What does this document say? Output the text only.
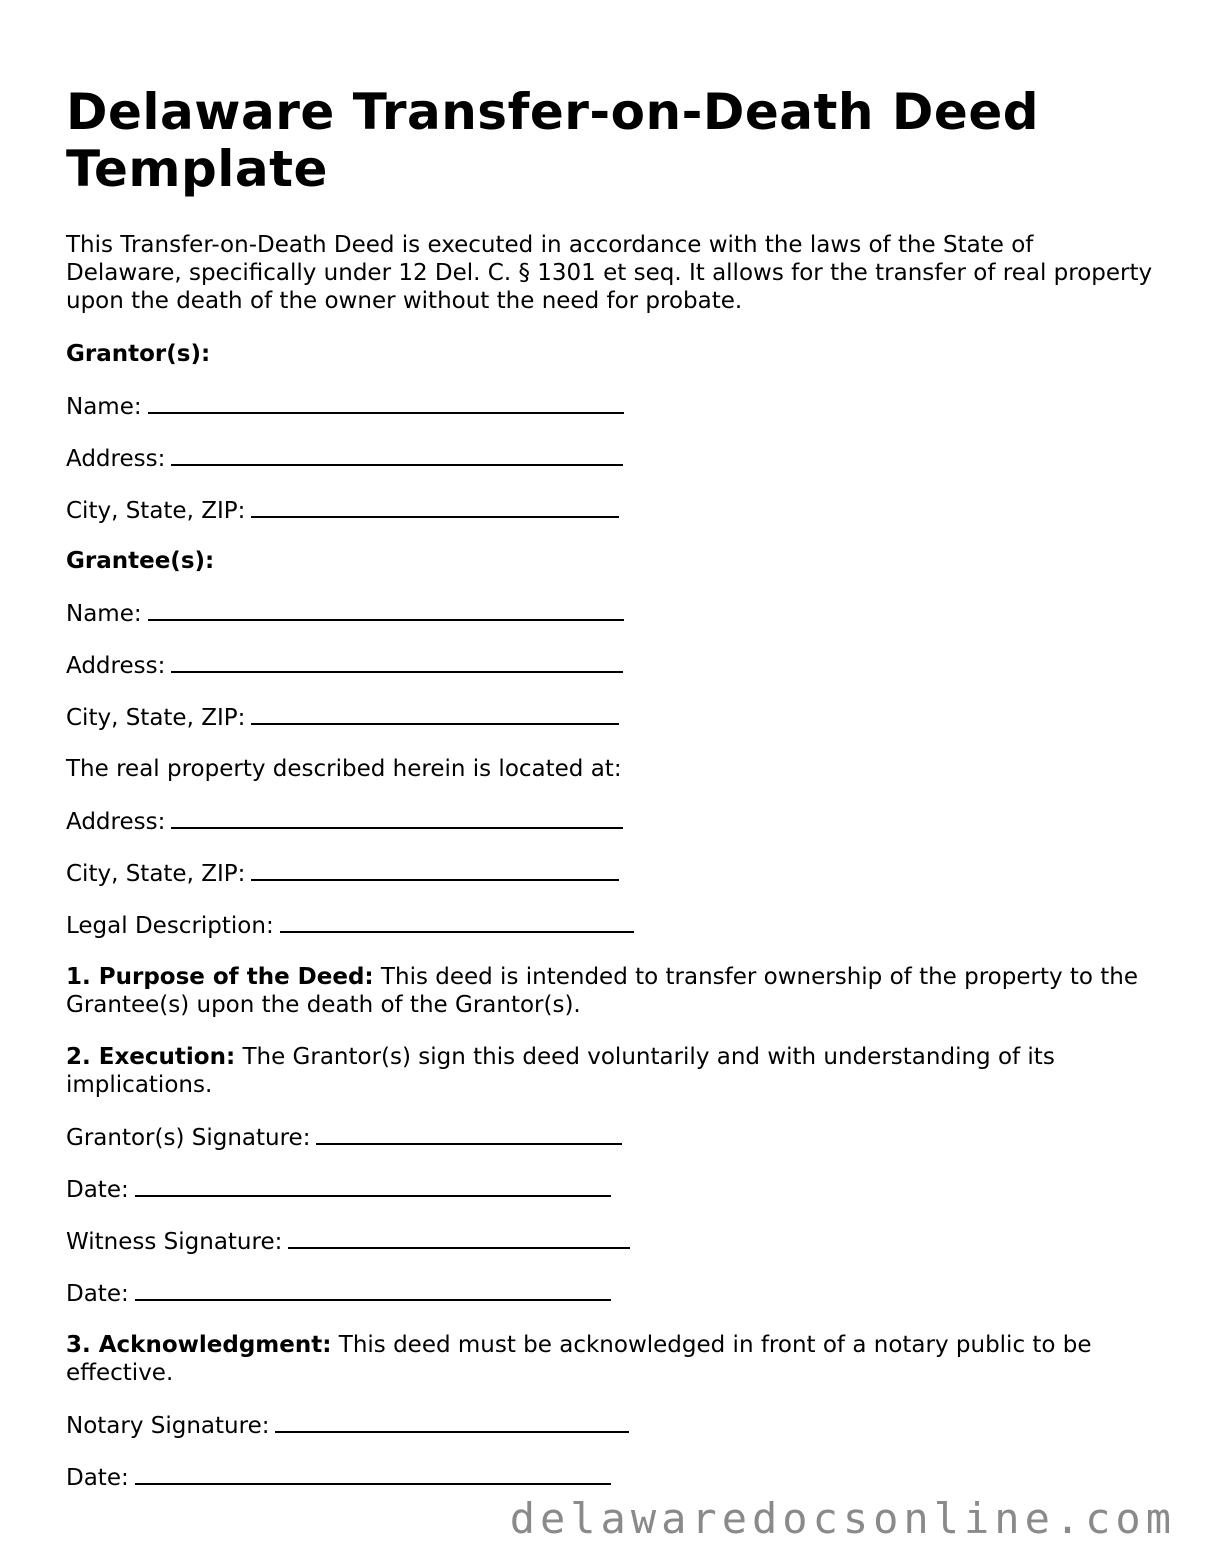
Delaware Transfer-on-Death Deed Template
This Transfer-on-Death Deed is executed in accordance with the laws of the State of Delaware, specifically under 12 Del. C. § 1301 et seq. It allows for the transfer of real property upon the death of the owner without the need for probate.
Grantor(s):
Name:
Address:
City, State, ZIP:
Grantee(s):
Name:
Address:
City, State, ZIP:
The real property described herein is located at:
Address:
City, State, ZIP:
Legal Description:
1. Purpose of the Deed: This deed is intended to transfer ownership of the property to the Grantee(s) upon the death of the Grantor(s).
2. Execution: The Grantor(s) sign this deed voluntarily and with understanding of its implications.
Grantor(s) Signature:
Date:
Witness Signature:
Date:
3. Acknowledgment: This deed must be acknowledged in front of a notary public to be effective.
Notary Signature:
Date:
delawaredocsonline.com
